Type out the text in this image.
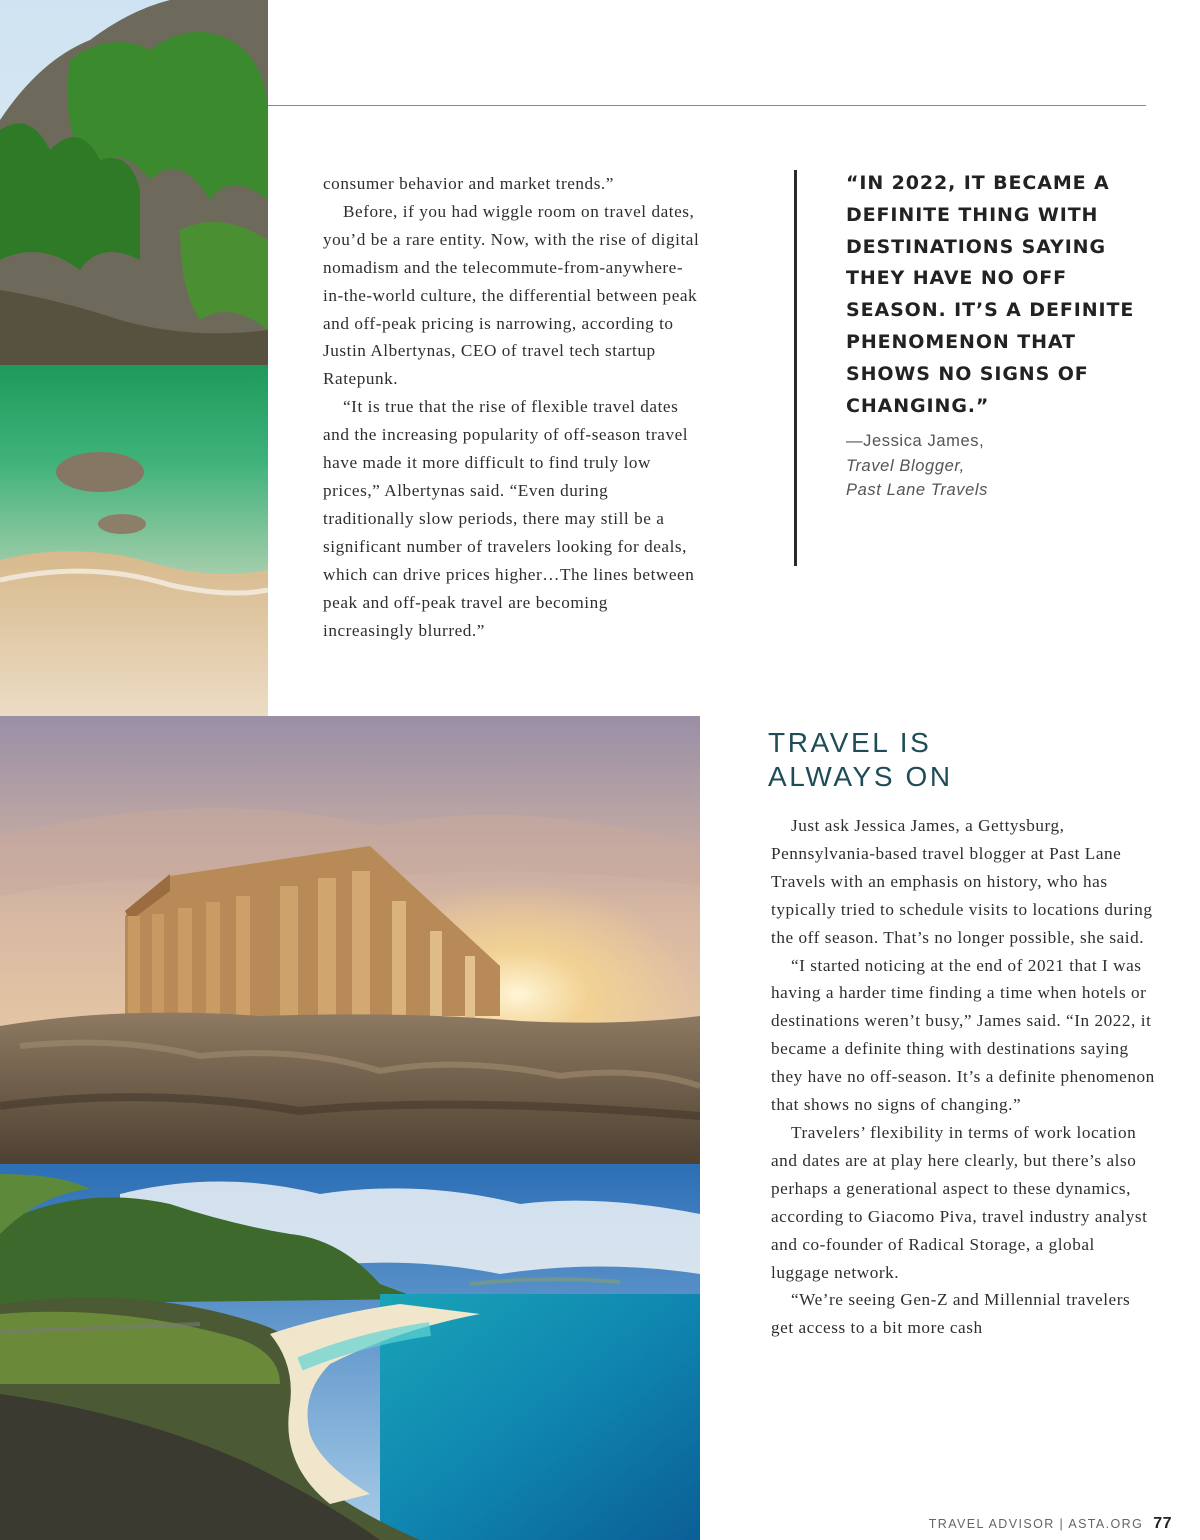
consumer behavior and market trends.”

Before, if you had wiggle room on travel dates, you’d be a rare entity. Now, with the rise of digital nomadism and the telecommute-from-anywhere-in-the-world culture, the differential between peak and off-peak pricing is narrowing, according to Justin Albertynas, CEO of travel tech startup Ratepunk.

“It is true that the rise of flexible travel dates and the increasing popularity of off-season travel have made it more difficult to find truly low prices,” Albertynas said. “Even during traditionally slow periods, there may still be a significant number of travelers looking for deals, which can drive prices higher…The lines between peak and off-peak travel are becoming increasingly blurred.”

“IN 2022, IT BECAME A DEFINITE THING WITH DESTINATIONS SAYING THEY HAVE NO OFF SEASON. IT’S A DEFINITE PHENOMENON THAT SHOWS NO SIGNS OF CHANGING.”

—Jessica James,
Travel Blogger,
Past Lane Travels
TRAVEL IS
ALWAYS ON

Just ask Jessica James, a Gettysburg, Pennsylvania-based travel blogger at Past Lane Travels with an emphasis on history, who has typically tried to schedule visits to locations during the off season. That’s no longer possible, she said.

“I started noticing at the end of 2021 that I was having a harder time finding a time when hotels or destinations weren’t busy,” James said. “In 2022, it became a definite thing with destinations saying they have no off-season. It’s a definite phenomenon that shows no signs of changing.”

Travelers’ flexibility in terms of work location and dates are at play here clearly, but there’s also perhaps a generational aspect to these dynamics, according to Giacomo Piva, travel industry analyst and co-founder of Radical Storage, a global luggage network.

“We’re seeing Gen-Z and Millennial travelers get access to a bit more cash

TRAVEL ADVISOR | ASTA.ORG 77
